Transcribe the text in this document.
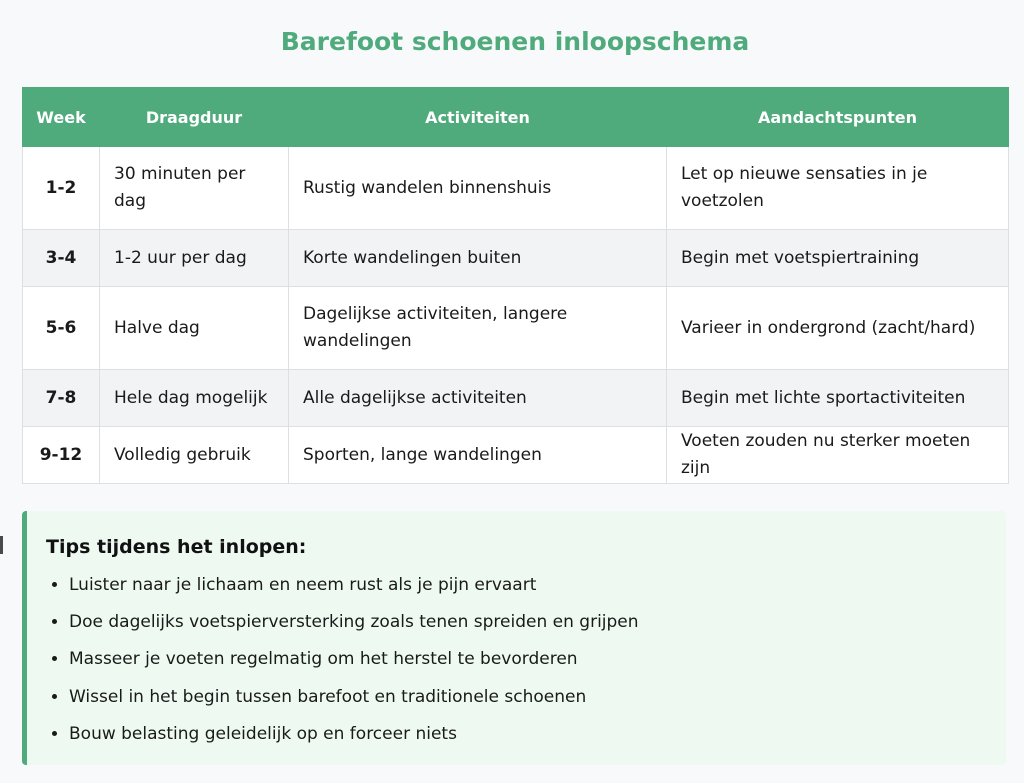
Barefoot schoenen inloopschema
Week	Draagduur	Activiteiten	Aandachtspunten
1-2	30 minuten per dag	Rustig wandelen binnenshuis	Let op nieuwe sensaties in je voetzolen
3-4	1-2 uur per dag	Korte wandelingen buiten	Begin met voetspiertraining
5-6	Halve dag	Dagelijkse activiteiten, langere wandelingen	Varieer in ondergrond (zacht/hard)
7-8	Hele dag mogelijk	Alle dagelijkse activiteiten	Begin met lichte sportactiviteiten
9-12	Volledig gebruik	Sporten, lange wandelingen	Voeten zouden nu sterker moeten zijn
Tips tijdens het inlopen:
• Luister naar je lichaam en neem rust als je pijn ervaart
• Doe dagelijks voetspierversterking zoals tenen spreiden en grijpen
• Masseer je voeten regelmatig om het herstel te bevorderen
• Wissel in het begin tussen barefoot en traditionele schoenen
• Bouw belasting geleidelijk op en forceer niets
